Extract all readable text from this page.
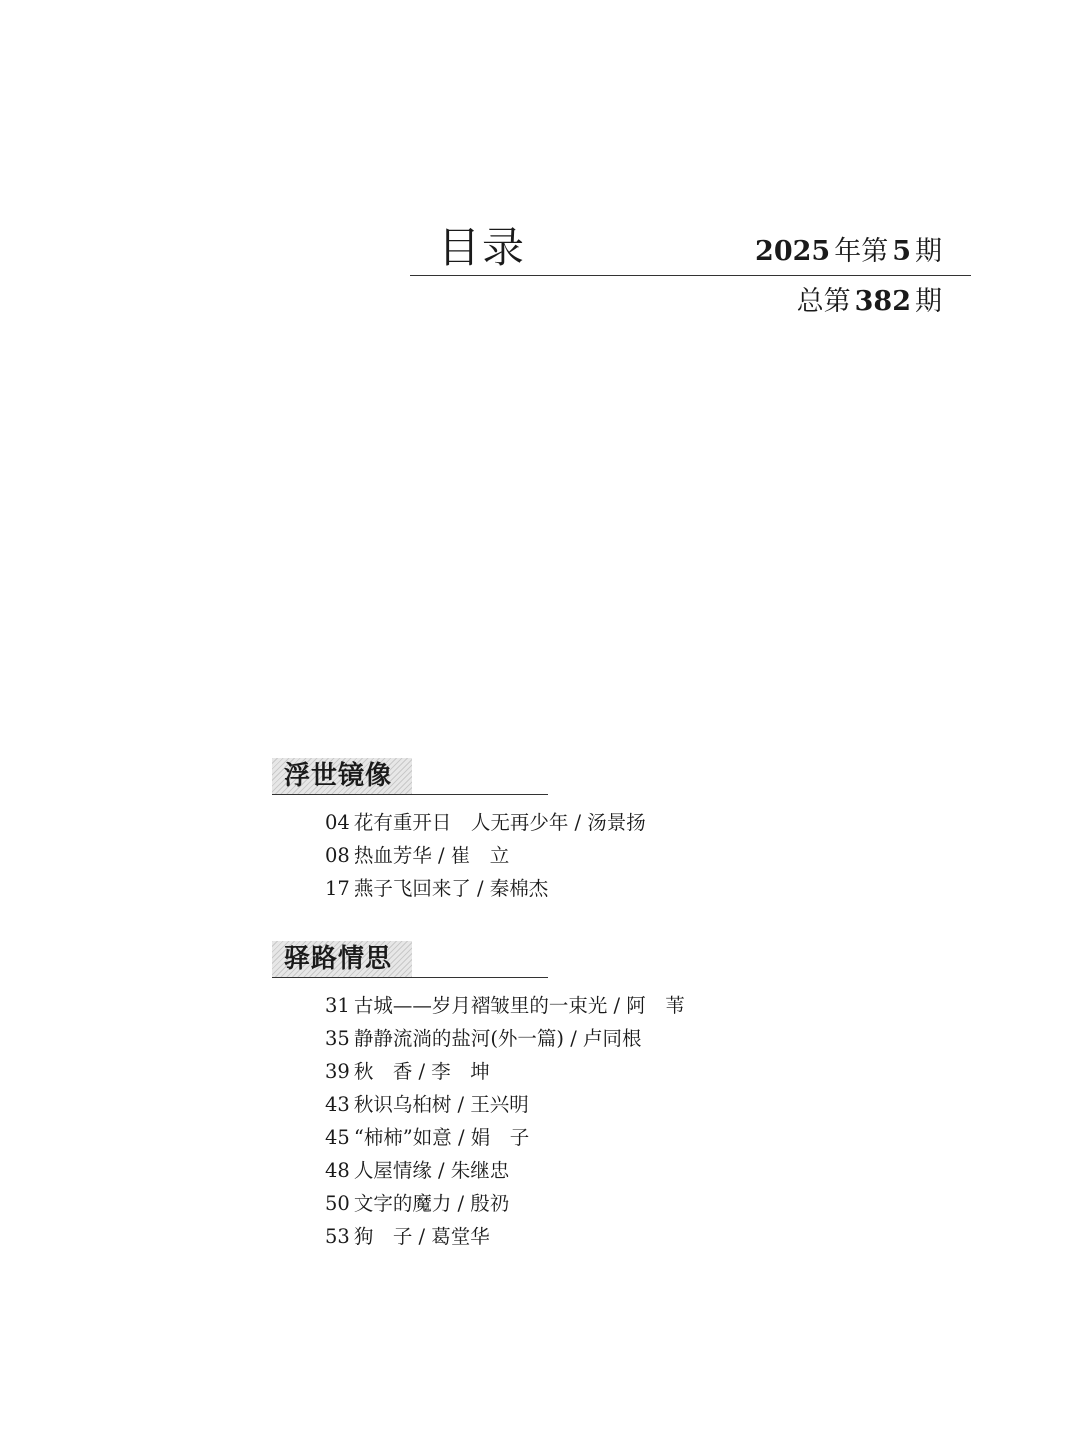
目录	2025 年第 5 期
总第 382 期
浮世镜像
04 花有重开日　人无再少年 / 汤景扬
08 热血芳华 / 崔　立
17 燕子飞回来了 / 秦棉杰
驿路情思
31 古城——岁月褶皱里的一束光 / 阿　苇
35 静静流淌的盐河(外一篇) / 卢同根
39 秋　香 / 李　坤
43 秋识乌桕树 / 王兴明
45 “柿柿”如意 / 娟　子
48 人屋情缘 / 朱继忠
50 文字的魔力 / 殷礽
53 狗　子 / 葛堂华
